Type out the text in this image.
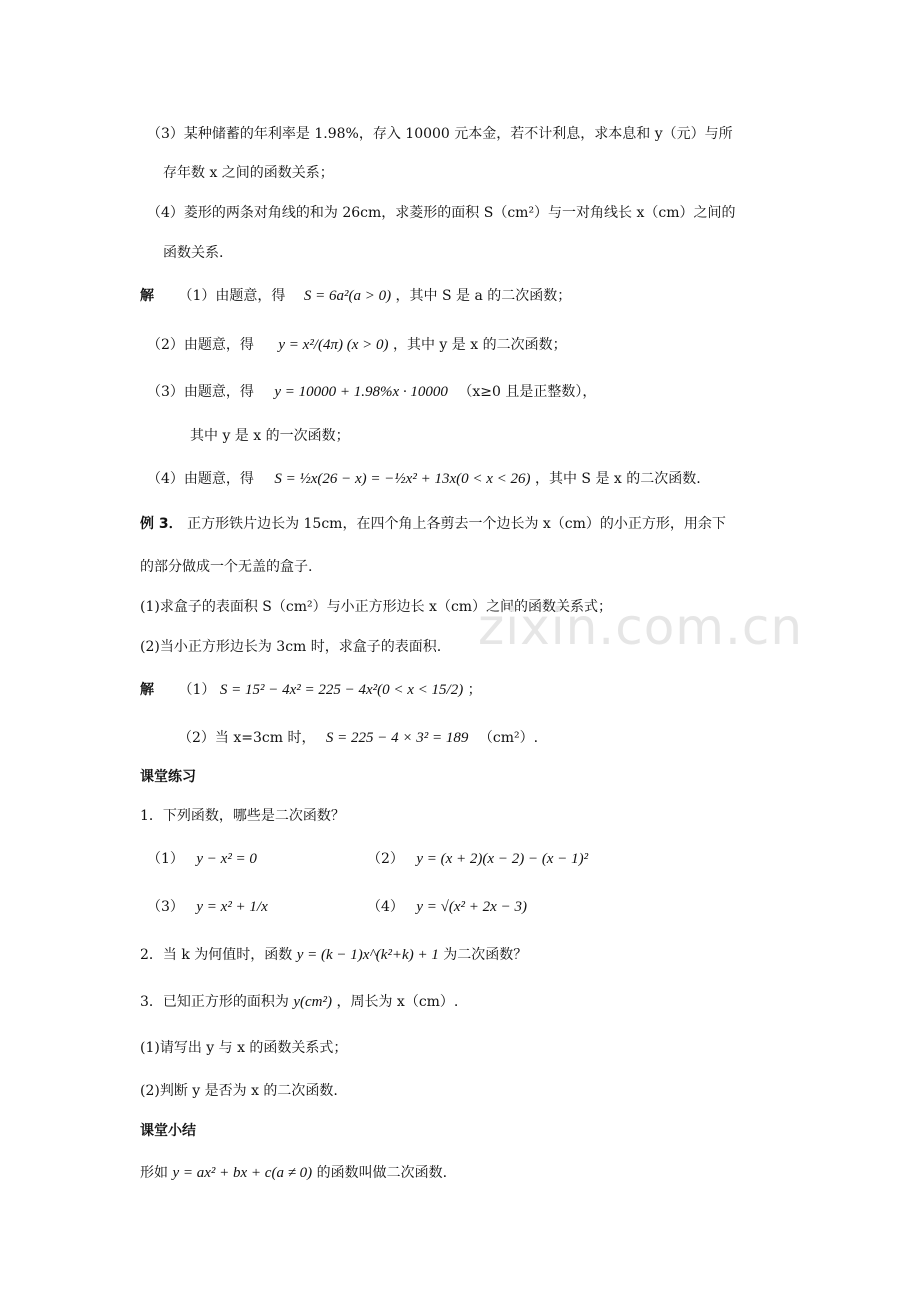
（3）某种储蓄的年利率是 1.98%，存入 10000 元本金，若不计利息，求本息和 y（元）与所
存年数 x 之间的函数关系；
（4）菱形的两条对角线的和为 26cm，求菱形的面积 S（cm²）与一对角线长 x（cm）之间的
函数关系.
解 （1）由题意，得 S = 6a²(a > 0) ，其中 S 是 a 的二次函数；
（2）由题意，得 y = x²/(4π) (x > 0) ，其中 y 是 x 的二次函数；
（3）由题意，得 y = 10000 + 1.98%x · 10000 （x≥0 且是正整数），
其中 y 是 x 的一次函数；
（4）由题意，得 S = ½x(26 − x) = −½x² + 13x(0 < x < 26) ，其中 S 是 x 的二次函数.
例 3． 正方形铁片边长为 15cm，在四个角上各剪去一个边长为 x（cm）的小正方形，用余下
的部分做成一个无盖的盒子.
(1)求盒子的表面积 S（cm²）与小正方形边长 x（cm）之间的函数关系式；
(2)当小正方形边长为 3cm 时，求盒子的表面积.
解 （1） S = 15² − 4x² = 225 − 4x²(0 < x < 15/2) ；
（2）当 x=3cm 时， S = 225 − 4 × 3² = 189 （cm²）.
课堂练习
1．下列函数，哪些是二次函数？
（1） y − x² = 0	（2） y = (x + 2)(x − 2) − (x − 1)²
（3） y = x² + 1/x	（4） y = √(x² + 2x − 3)
2．当 k 为何值时，函数 y = (k − 1)x^(k²+k) + 1 为二次函数？
3．已知正方形的面积为 y(cm²) ，周长为 x（cm）.
(1)请写出 y 与 x 的函数关系式；
(2)判断 y 是否为 x 的二次函数.
课堂小结
形如 y = ax² + bx + c(a ≠ 0) 的函数叫做二次函数.
zixin.com.cn
